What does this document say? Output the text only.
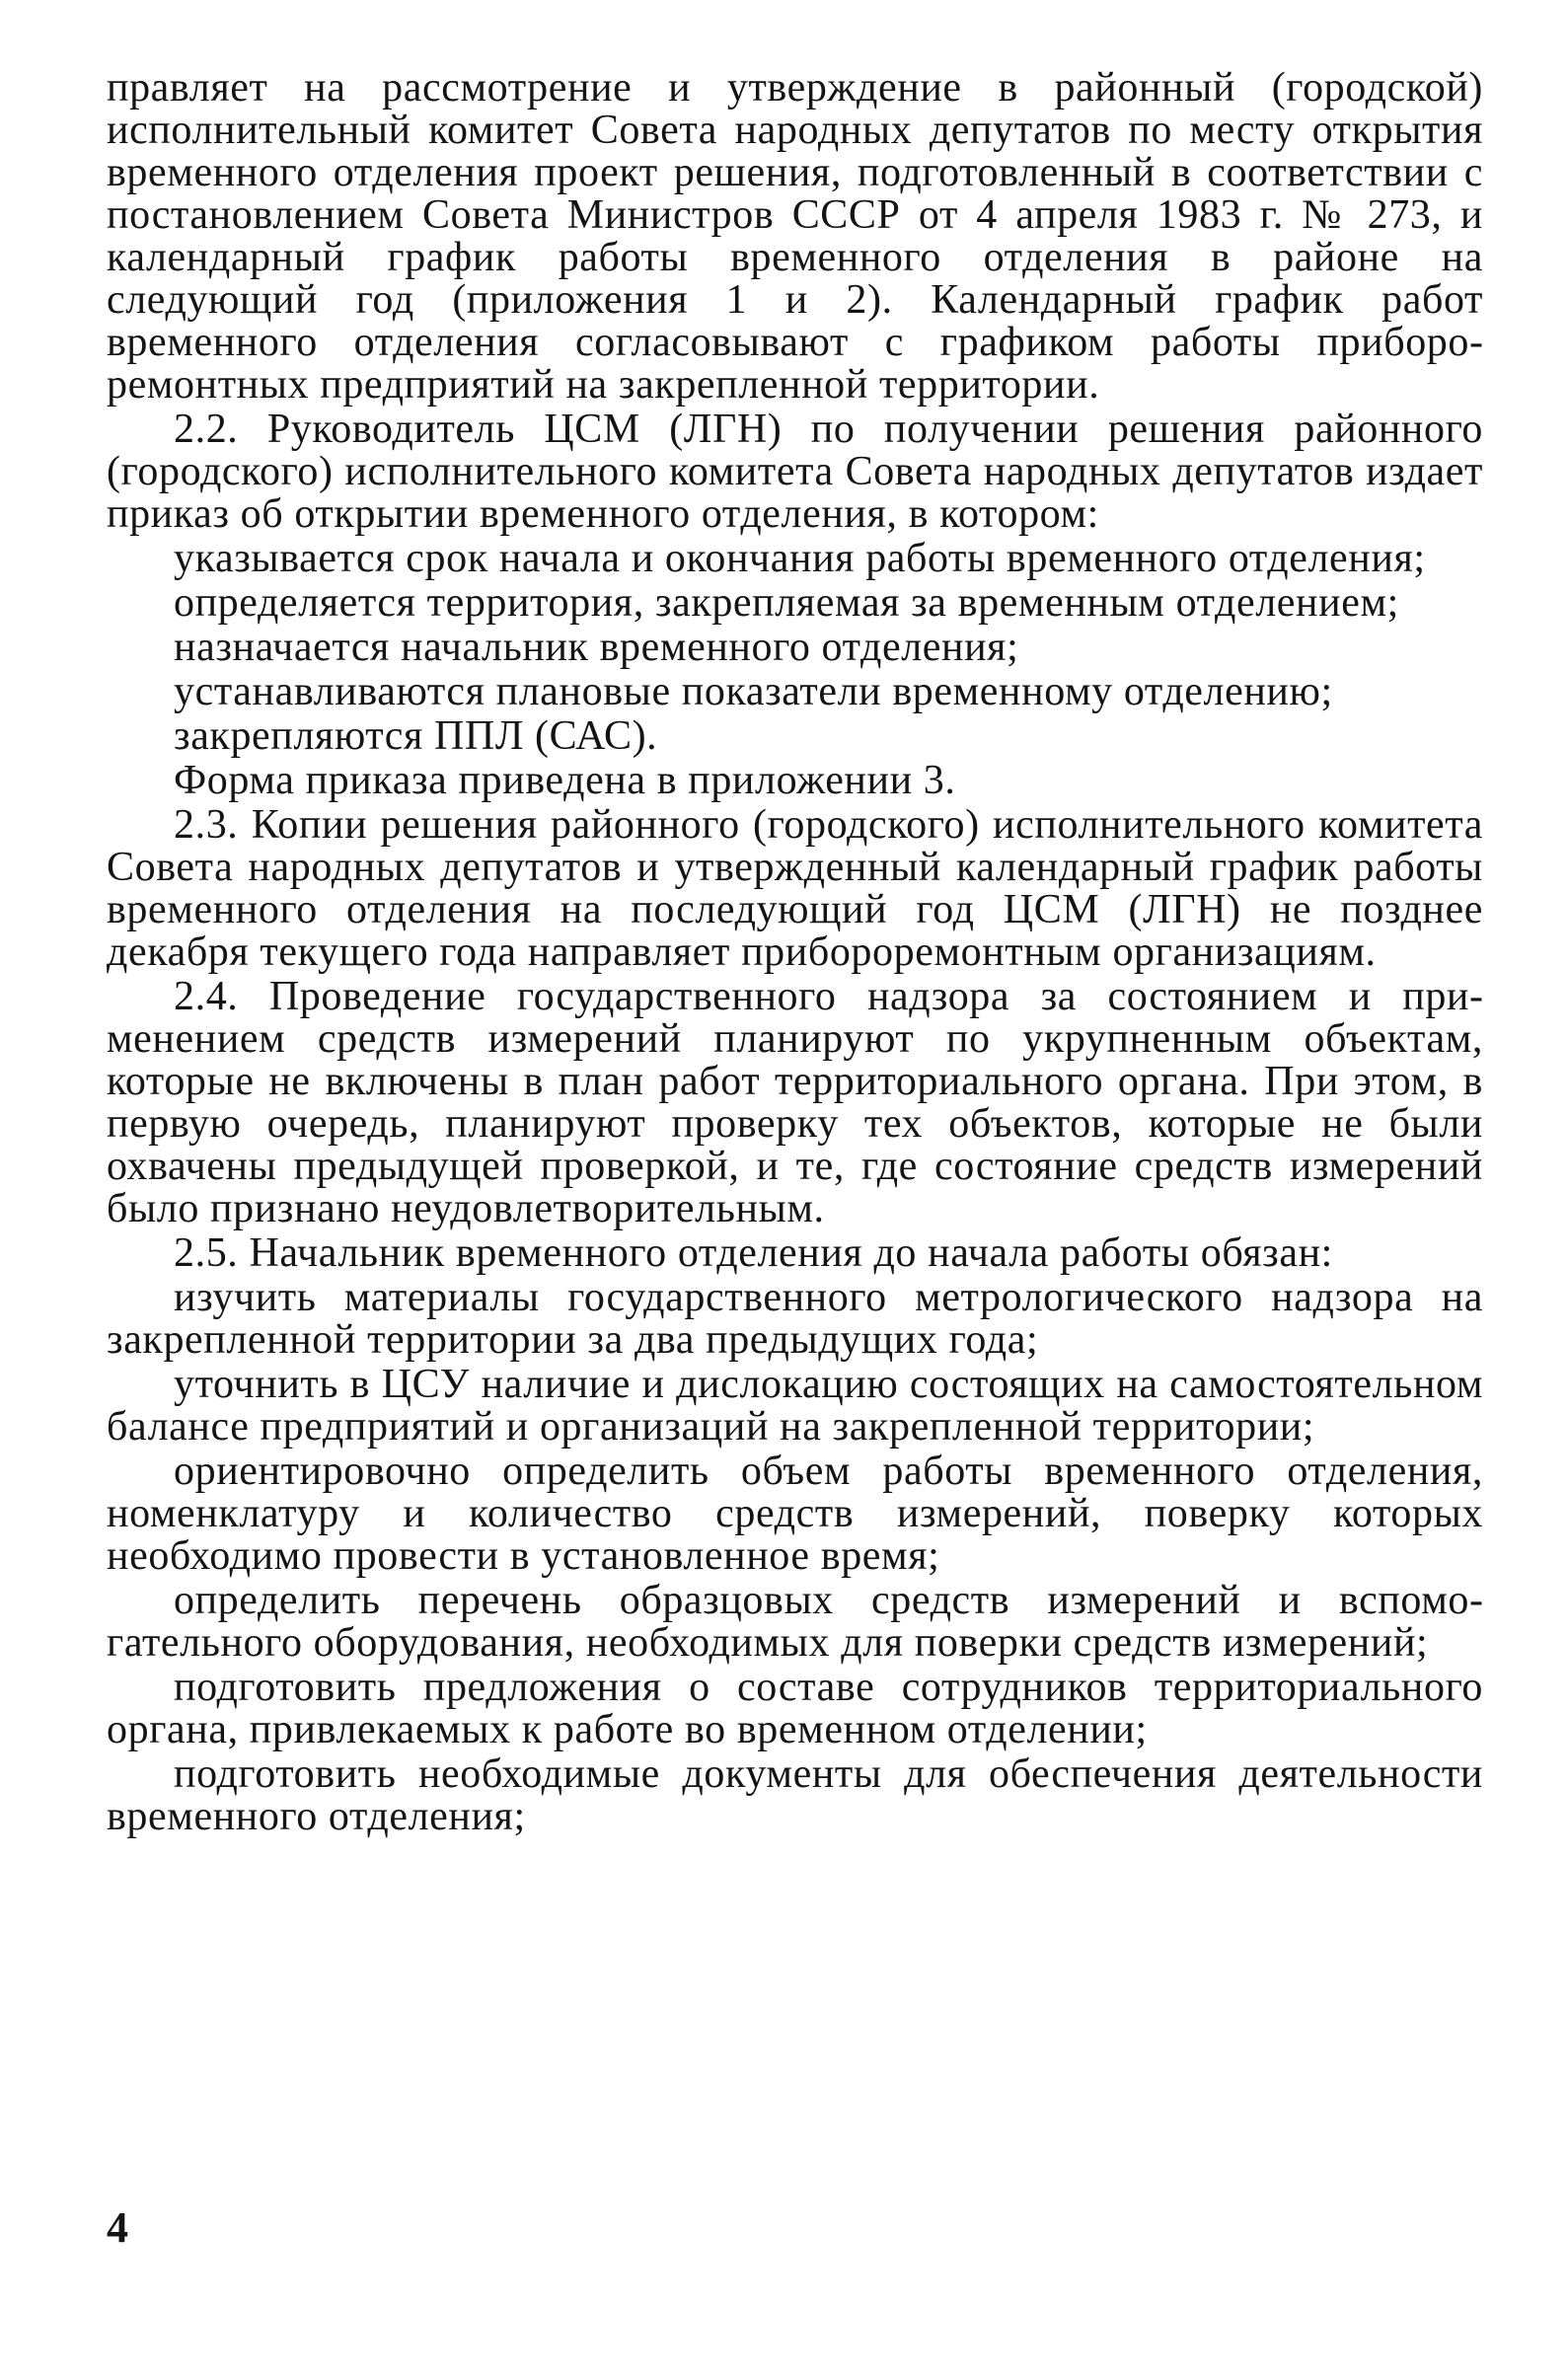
правляет на рассмотрение и утверждение в районный (городской) исполнительный комитет Совета народных депутатов по месту открытия временного отделения проект решения, подготовленный в соответствии с постановлением Совета Министров СССР от 4 апреля 1983 г. № 273, и календарный график работы временного отделения в районе на следующий год (приложения 1 и 2). Календарный график работ временного отделения согласовывают с графиком работы прибороремонтных предприятий на закрепленной территории.

2.2. Руководитель ЦСМ (ЛГН) по получении решения районного (городского) исполнительного комитета Совета народных депутатов издает приказ об открытии временного отделения, в котором:

указывается срок начала и окончания работы временного отделения;

определяется территория, закрепляемая за временным отделением;

назначается начальник временного отделения;

устанавливаются плановые показатели временному отделению;

закрепляются ППЛ (САС).

Форма приказа приведена в приложении 3.

2.3. Копии решения районного (городского) исполнительного комитета Совета народных депутатов и утвержденный календарный график работы временного отделения на последующий год ЦСМ (ЛГН) не позднее декабря текущего года направляет прибороремонтным организациям.

2.4. Проведение государственного надзора за состоянием и применением средств измерений планируют по укрупненным объектам, которые не включены в план работ территориального органа. При этом, в первую очередь, планируют проверку тех объектов, которые не были охвачены предыдущей проверкой, и те, где состояние средств измерений было признано неудовлетворительным.

2.5. Начальник временного отделения до начала работы обязан:

изучить материалы государственного метрологического надзора на закрепленной территории за два предыдущих года;

уточнить в ЦСУ наличие и дислокацию состоящих на самостоятельном балансе предприятий и организаций на закрепленной территории;

ориентировочно определить объем работы временного отделения, номенклатуру и количество средств измерений, поверку которых необходимо провести в установленное время;

определить перечень образцовых средств измерений и вспомогательного оборудования, необходимых для поверки средств измерений;

подготовить предложения о составе сотрудников территориального органа, привлекаемых к работе во временном отделении;

подготовить необходимые документы для обеспечения деятельности временного отделения;

4
